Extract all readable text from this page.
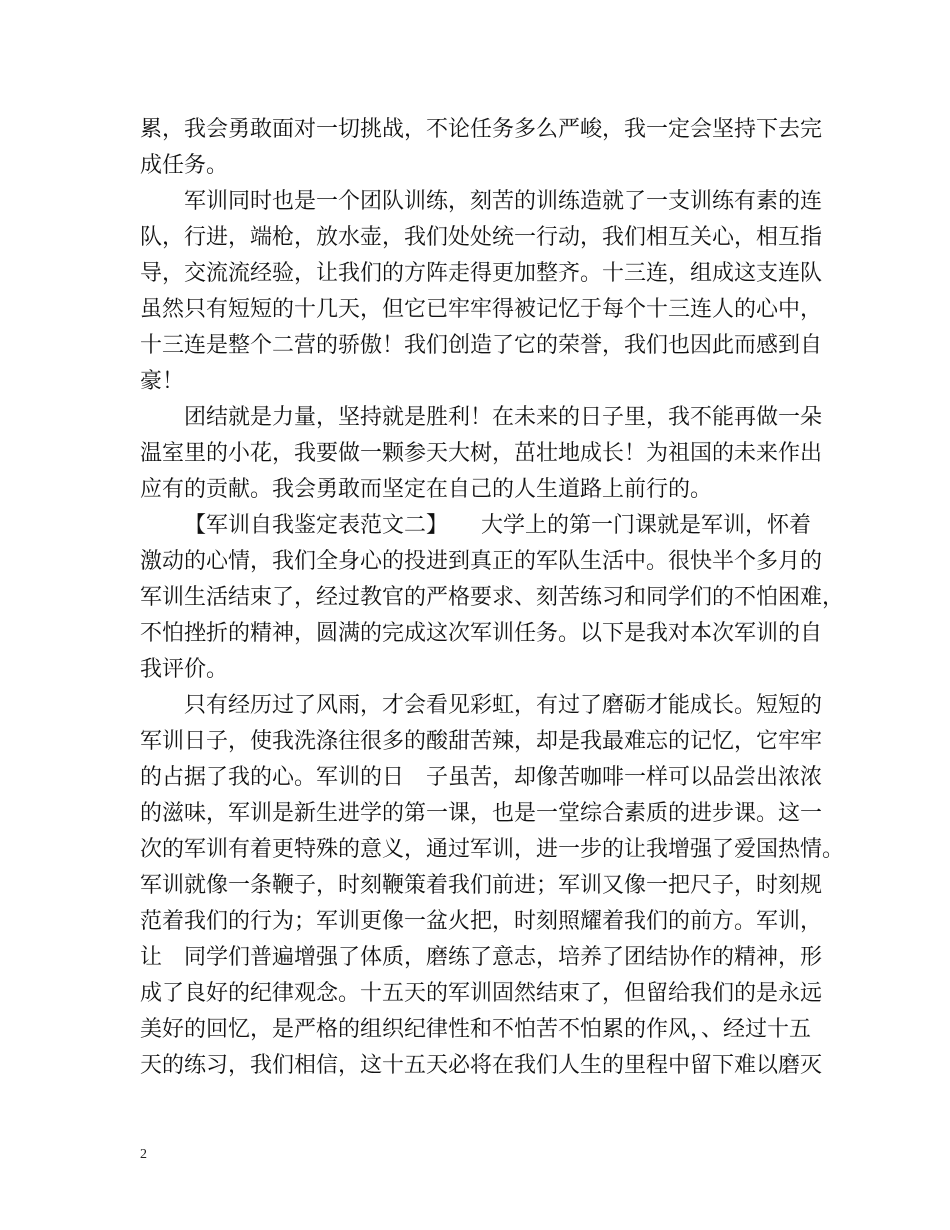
累，我会勇敢面对一切挑战，不论任务多么严峻，我一定会坚持下去完
成任务。
军训同时也是一个团队训练，刻苦的训练造就了一支训练有素的连
队，行进，端枪，放水壶，我们处处统一行动，我们相互关心，相互指
导，交流流经验，让我们的方阵走得更加整齐。十三连，组成这支连队
虽然只有短短的十几天，但它已牢牢得被记忆于每个十三连人的心中，
十三连是整个二营的骄傲！我们创造了它的荣誉，我们也因此而感到自
豪！
团结就是力量，坚持就是胜利！在未来的日子里，我不能再做一朵
温室里的小花，我要做一颗参天大树，茁壮地成长！为祖国的未来作出
应有的贡献。我会勇敢而坚定在自己的人生道路上前行的。
【军训自我鉴定表范文二】　　大学上的第一门课就是军训，怀着
激动的心情，我们全身心的投进到真正的军队生活中。很快半个多月的
军训生活结束了，经过教官的严格要求、刻苦练习和同学们的不怕困难，
不怕挫折的精神，圆满的完成这次军训任务。以下是我对本次军训的自
我评价。
只有经历过了风雨，才会看见彩虹，有过了磨砺才能成长。短短的
军训日子，使我洗涤往很多的酸甜苦辣，却是我最难忘的记忆，它牢牢
的占据了我的心。军训的日　子虽苦，却像苦咖啡一样可以品尝出浓浓
的滋味，军训是新生进学的第一课，也是一堂综合素质的进步课。这一
次的军训有着更特殊的意义，通过军训，进一步的让我增强了爱国热情。
军训就像一条鞭子，时刻鞭策着我们前进；军训又像一把尺子，时刻规
范着我们的行为；军训更像一盆火把，时刻照耀着我们的前方。军训，
让　同学们普遍增强了体质，磨练了意志，培养了团结协作的精神，形
成了良好的纪律观念。十五天的军训固然结束了，但留给我们的是永远
美好的回忆，是严格的组织纪律性和不怕苦不怕累的作风，、经过十五
天的练习，我们相信，这十五天必将在我们人生的里程中留下难以磨灭
2
